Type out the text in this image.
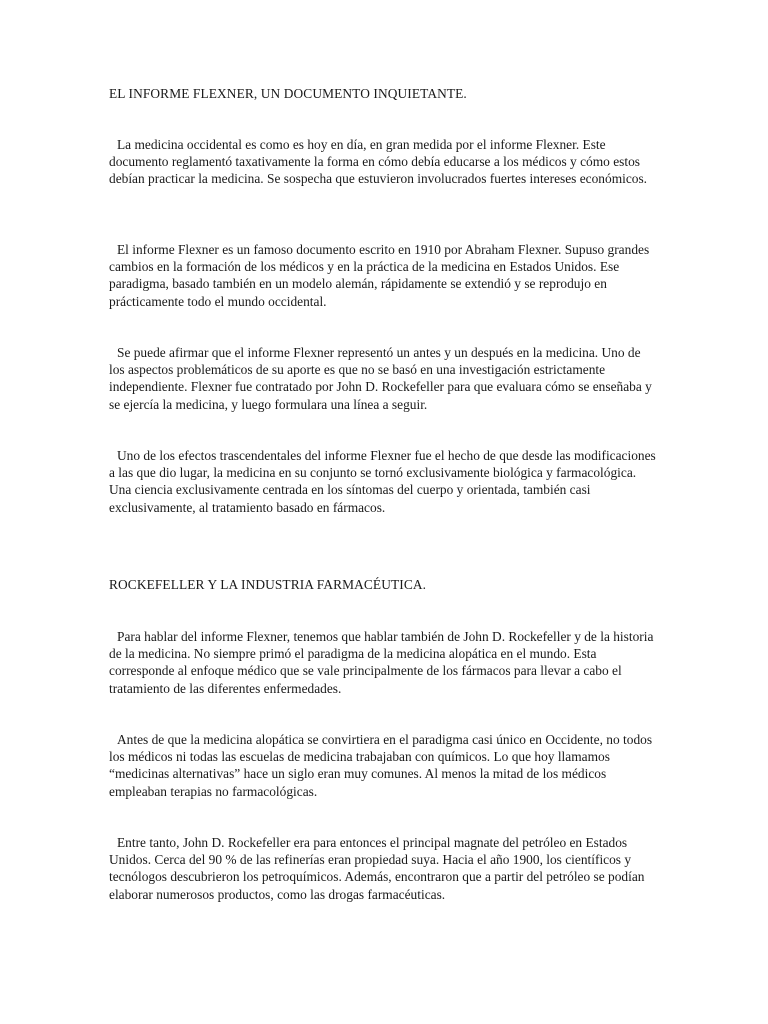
EL INFORME FLEXNER, UN DOCUMENTO INQUIETANTE.

La medicina occidental es como es hoy en día, en gran medida por el informe Flexner. Este documento reglamentó taxativamente la forma en cómo debía educarse a los médicos y cómo estos debían practicar la medicina. Se sospecha que estuvieron involucrados fuertes intereses económicos.

El informe Flexner es un famoso documento escrito en 1910 por Abraham Flexner. Supuso grandes cambios en la formación de los médicos y en la práctica de la medicina en Estados Unidos. Ese paradigma, basado también en un modelo alemán, rápidamente se extendió y se reprodujo en prácticamente todo el mundo occidental.

Se puede afirmar que el informe Flexner representó un antes y un después en la medicina. Uno de los aspectos problemáticos de su aporte es que no se basó en una investigación estrictamente independiente. Flexner fue contratado por John D. Rockefeller para que evaluara cómo se enseñaba y se ejercía la medicina, y luego formulara una línea a seguir.

Uno de los efectos trascendentales del informe Flexner fue el hecho de que desde las modificaciones a las que dio lugar, la medicina en su conjunto se tornó exclusivamente biológica y farmacológica. Una ciencia exclusivamente centrada en los síntomas del cuerpo y orientada, también casi exclusivamente, al tratamiento basado en fármacos.

ROCKEFELLER Y LA INDUSTRIA FARMACÉUTICA.

Para hablar del informe Flexner, tenemos que hablar también de John D. Rockefeller y de la historia de la medicina. No siempre primó el paradigma de la medicina alopática en el mundo. Esta corresponde al enfoque médico que se vale principalmente de los fármacos para llevar a cabo el tratamiento de las diferentes enfermedades.

Antes de que la medicina alopática se convirtiera en el paradigma casi único en Occidente, no todos los médicos ni todas las escuelas de medicina trabajaban con químicos. Lo que hoy llamamos “medicinas alternativas” hace un siglo eran muy comunes. Al menos la mitad de los médicos empleaban terapias no farmacológicas.

Entre tanto, John D. Rockefeller era para entonces el principal magnate del petróleo en Estados Unidos. Cerca del 90 % de las refinerías eran propiedad suya. Hacia el año 1900, los científicos y tecnólogos descubrieron los petroquímicos. Además, encontraron que a partir del petróleo se podían elaborar numerosos productos, como las drogas farmacéuticas.
